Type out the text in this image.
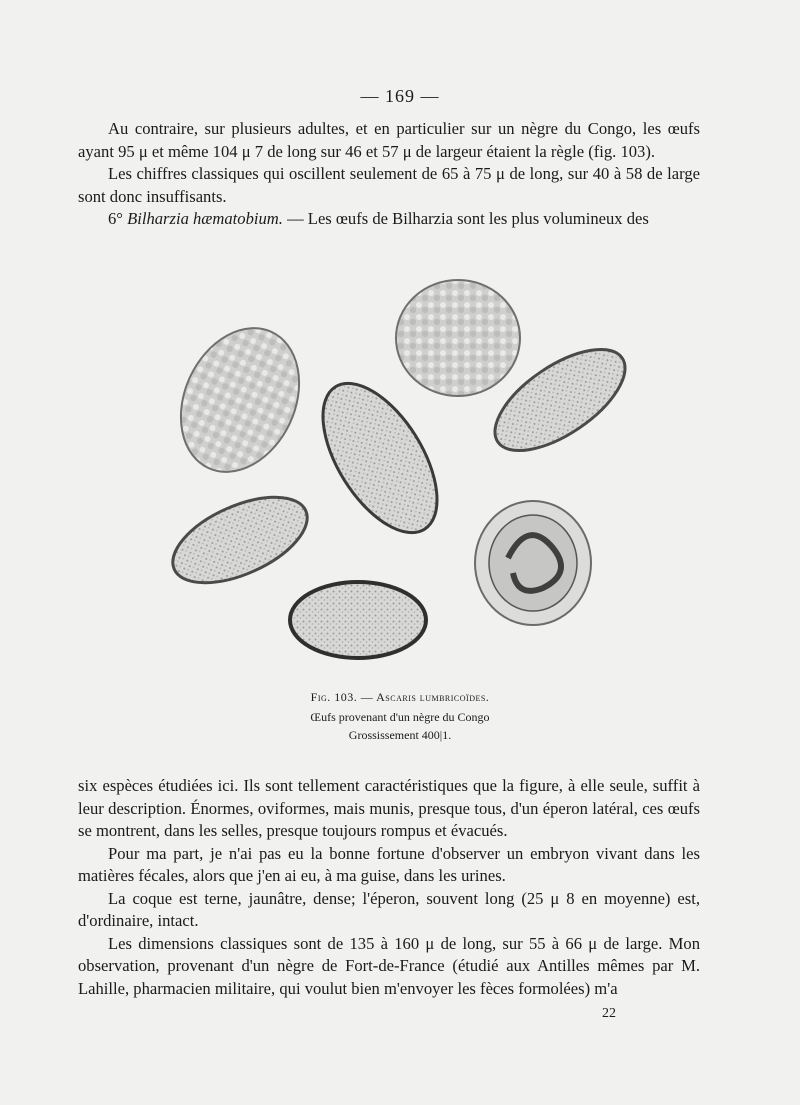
— 169 —

Au contraire, sur plusieurs adultes, et en particulier sur un nègre du Congo, les œufs ayant 95 μ et même 104 μ 7 de long sur 46 et 57 μ de largeur étaient la règle (fig. 103).

Les chiffres classiques qui oscillent seulement de 65 à 75 μ de long, sur 40 à 58 de large sont donc insuffisants.

6° Bilharzia hæmatobium. — Les œufs de Bilharzia sont les plus volumineux des

Fig. 103. — Ascaris lumbricoïdes.
Œufs provenant d'un nègre du Congo
Grossissement 400|1.

six espèces étudiées ici. Ils sont tellement caractéristiques que la figure, à elle seule, suffit à leur description. Énormes, oviformes, mais munis, presque tous, d'un éperon latéral, ces œufs se montrent, dans les selles, presque toujours rompus et évacués.

Pour ma part, je n'ai pas eu la bonne fortune d'observer un embryon vivant dans les matières fécales, alors que j'en ai eu, à ma guise, dans les urines.

La coque est terne, jaunâtre, dense; l'éperon, souvent long (25 μ 8 en moyenne) est, d'ordinaire, intact.

Les dimensions classiques sont de 135 à 160 μ de long, sur 55 à 66 μ de large. Mon observation, provenant d'un nègre de Fort-de-France (étudié aux Antilles mêmes par M. Lahille, pharmacien militaire, qui voulut bien m'envoyer les fèces formolées) m'a

22
